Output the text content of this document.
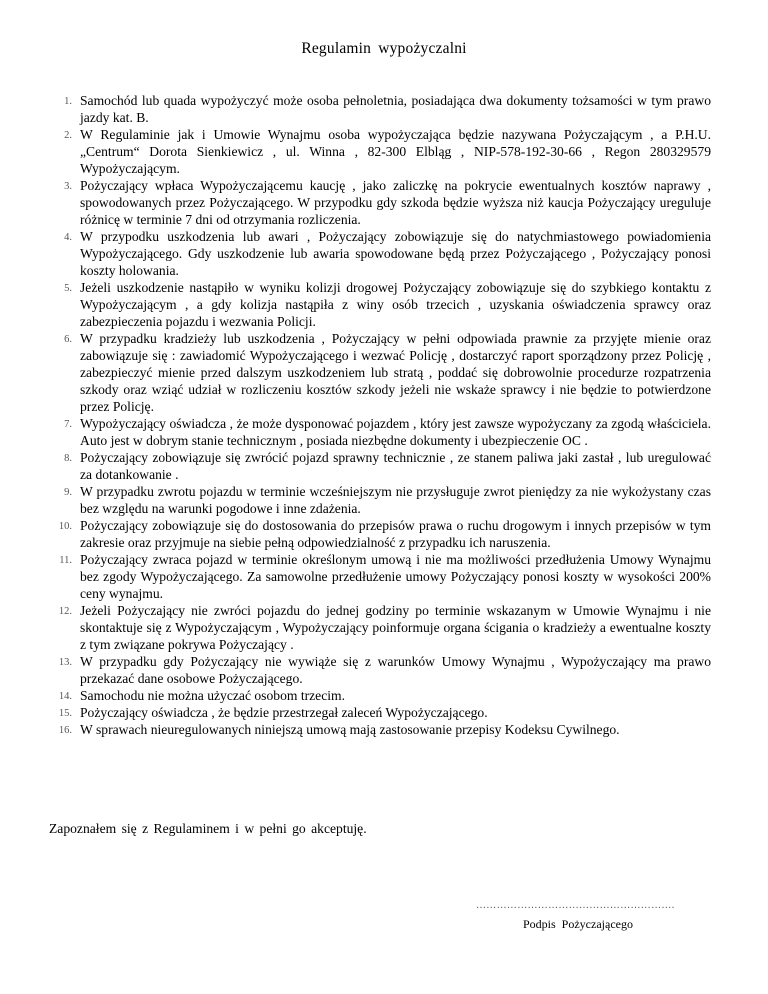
Regulamin wypożyczalni
1. Samochód lub quada wypożyczyć może osoba pełnoletnia, posiadająca dwa dokumenty tożsamości w tym prawo jazdy kat. B.
2. W Regulaminie jak i Umowie Wynajmu osoba wypożyczająca będzie nazywana Pożyczającym , a P.H.U. „Centrum“ Dorota Sienkiewicz , ul. Winna , 82-300 Elbląg , NIP-578-192-30-66 , Regon 280329579 Wypożyczającym.
3. Pożyczający wpłaca Wypożyczającemu kaucję , jako zaliczkę na pokrycie ewentualnych kosztów naprawy , spowodowanych przez Pożyczającego. W przypodku gdy szkoda będzie wyższa niż kaucja Pożyczający ureguluje różnicę w terminie 7 dni od otrzymania rozliczenia.
4. W przypodku uszkodzenia lub awari , Pożyczający zobowiązuje się do natychmiastowego powiadomienia Wypożyczającego. Gdy uszkodzenie lub awaria spowodowane będą przez Pożyczającego , Pożyczający ponosi koszty holowania.
5. Jeżeli uszkodzenie nastąpiło w wyniku kolizji drogowej Pożyczający zobowiązuje się do szybkiego kontaktu z Wypożyczającym , a gdy kolizja nastąpiła z winy osób trzecich , uzyskania oświadczenia sprawcy oraz zabezpieczenia pojazdu i wezwania Policji.
6. W przypadku kradzieży lub uszkodzenia , Pożyczający w pełni odpowiada prawnie za przyjęte mienie oraz zabowiązuje się : zawiadomić Wypożyczającego i wezwać Policję , dostarczyć raport sporządzony przez Policję , zabezpieczyć mienie przed dalszym uszkodzeniem lub stratą , poddać się dobrowolnie procedurze rozpatrzenia szkody oraz wziąć udział w rozliczeniu kosztów szkody jeżeli nie wskaże sprawcy i nie będzie to potwierdzone przez Policję.
7. Wypożyczający oświadcza , że może dysponować pojazdem , który jest zawsze wypożyczany za zgodą właściciela. Auto jest w dobrym stanie technicznym , posiada niezbędne dokumenty i ubezpieczenie OC .
8. Pożyczający zobowiązuje się zwrócić pojazd sprawny technicznie , ze stanem paliwa jaki zastał , lub uregulować za dotankowanie .
9. W przypadku zwrotu pojazdu w terminie wcześniejszym nie przysługuje zwrot pieniędzy za nie wykożystany czas bez względu na warunki pogodowe i inne zdażenia.
10. Pożyczający zobowiązuje się do dostosowania do przepisów prawa o ruchu drogowym i innych przepisów w tym zakresie oraz przyjmuje na siebie pełną odpowiedzialność z przypadku ich naruszenia.
11. Pożyczający zwraca pojazd w terminie określonym umową i nie ma możliwości przedłużenia Umowy Wynajmu bez zgody Wypożyczającego. Za samowolne przedłużenie umowy Pożyczający ponosi koszty w wysokości 200% ceny wynajmu.
12. Jeżeli Pożyczający nie zwróci pojazdu do jednej godziny po terminie wskazanym w Umowie Wynajmu i nie skontaktuje się z Wypożyczającym , Wypożyczający poinformuje organa ścigania o kradzieży a ewentualne koszty z tym związane pokrywa Pożyczający .
13. W przypadku gdy Pożyczający nie wywiąże się z warunków Umowy Wynajmu , Wypożyczający ma prawo przekazać dane osobowe Pożyczającego.
14. Samochodu nie można użyczać osobom trzecim.
15. Pożyczający oświadcza , że będzie przestrzegał zaleceń Wypożyczającego.
16. W sprawach nieuregulowanych niniejszą umową mają zastosowanie przepisy Kodeksu Cywilnego.
Zapoznałem się z Regulaminem i w pełni go akceptuję.
………………………………………………….
Podpis Pożyczającego
